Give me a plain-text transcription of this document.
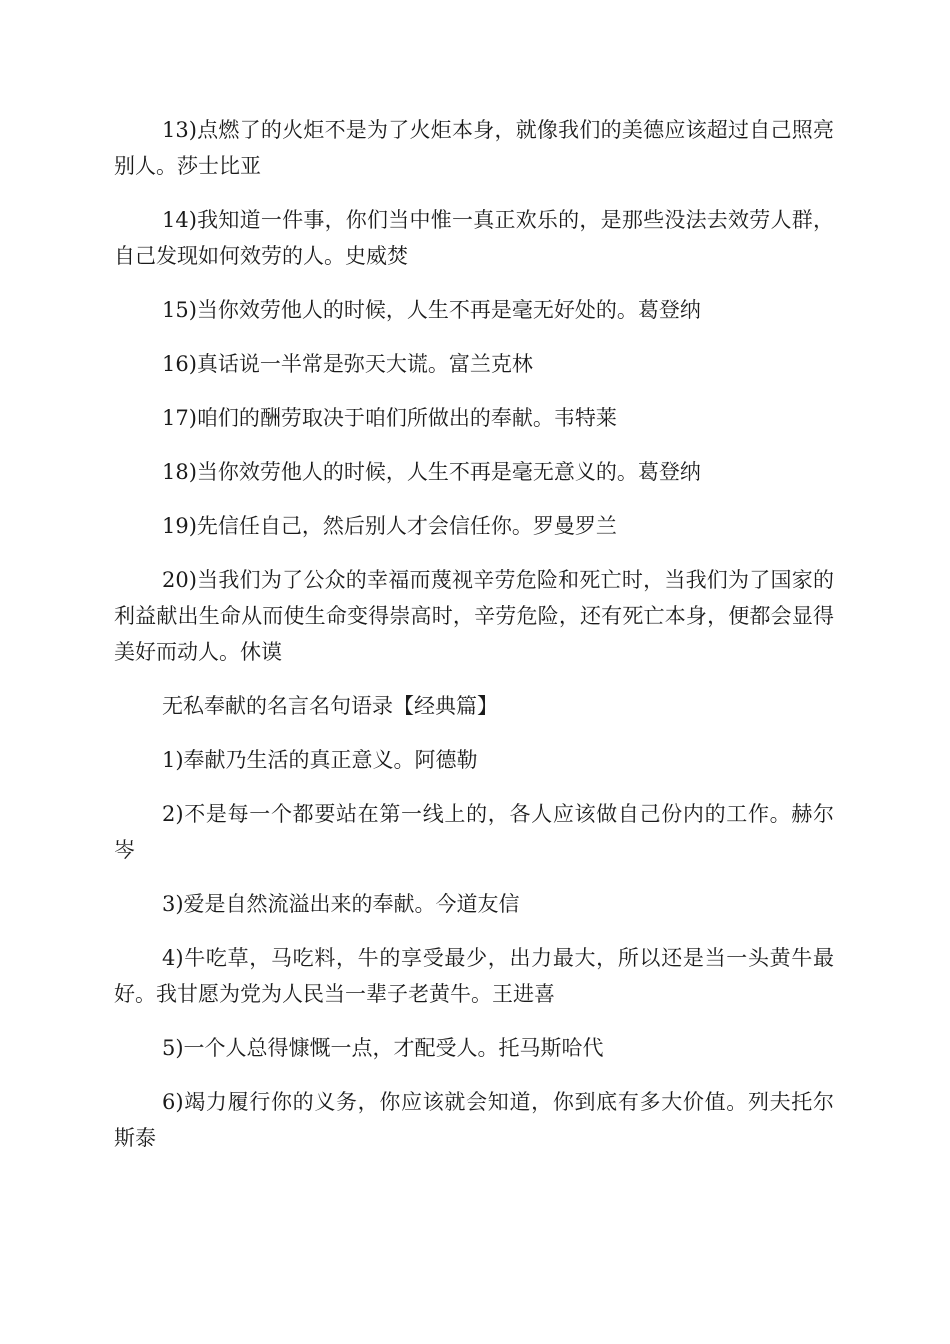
13)点燃了的火炬不是为了火炬本身，就像我们的美德应该超过自己照亮别人。莎士比亚

14)我知道一件事，你们当中惟一真正欢乐的，是那些没法去效劳人群，自己发现如何效劳的人。史威焚

15)当你效劳他人的时候，人生不再是毫无好处的。葛登纳

16)真话说一半常是弥天大谎。富兰克林

17)咱们的酬劳取决于咱们所做出的奉献。韦特莱

18)当你效劳他人的时候，人生不再是毫无意义的。葛登纳

19)先信任自己，然后别人才会信任你。罗曼罗兰

20)当我们为了公众的幸福而蔑视辛劳危险和死亡时，当我们为了国家的利益献出生命从而使生命变得崇高时，辛劳危险，还有死亡本身，便都会显得美好而动人。休谟

无私奉献的名言名句语录【经典篇】

1)奉献乃生活的真正意义。阿德勒

2)不是每一个都要站在第一线上的，各人应该做自己份内的工作。赫尔岑

3)爱是自然流溢出来的奉献。今道友信

4)牛吃草，马吃料，牛的享受最少，出力最大，所以还是当一头黄牛最好。我甘愿为党为人民当一辈子老黄牛。王进喜

5)一个人总得慷慨一点，才配受人。托马斯哈代

6)竭力履行你的义务，你应该就会知道，你到底有多大价值。列夫托尔斯泰
